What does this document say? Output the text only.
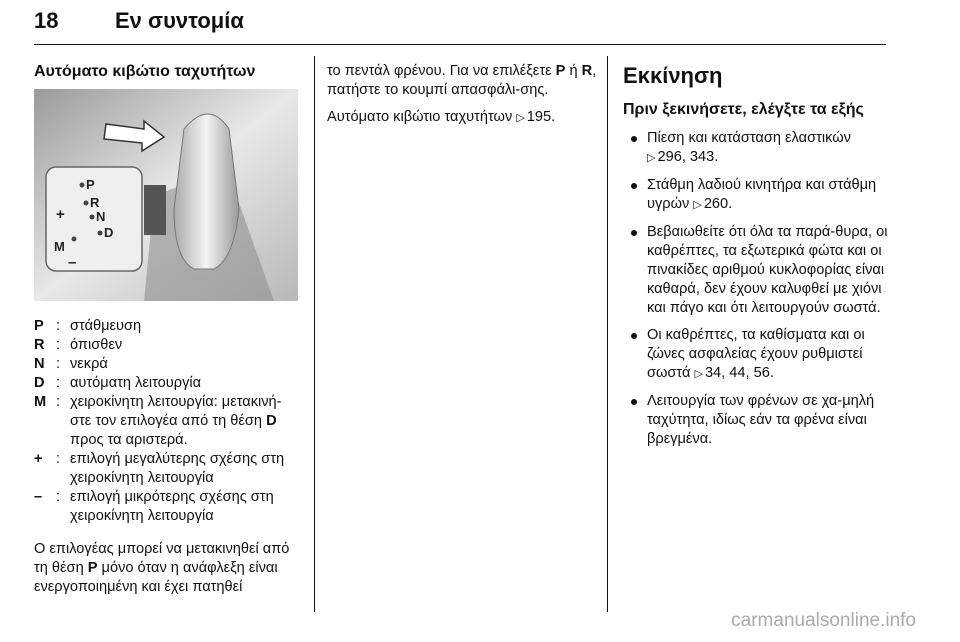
18	Εν συντομία
Αυτόματο κιβώτιο ταχυτήτων
P
R
N
D
M
+
–
P : στάθμευση
R : όπισθεν
N : νεκρά
D : αυτόματη λειτουργία
M : χειροκίνητη λειτουργία: μετακινή-στε τον επιλογέα από τη θέση D προς τα αριστερά.
+ : επιλογή μεγαλύτερης σχέσης στη χειροκίνητη λειτουργία
– : επιλογή μικρότερης σχέσης στη χειροκίνητη λειτουργία

Ο επιλογέας μπορεί να μετακινηθεί από τη θέση P μόνο όταν η ανάφλεξη είναι ενεργοποιημένη και έχει πατηθεί

το πεντάλ φρένου. Για να επιλέξετε P ή R, πατήστε το κουμπί απασφάλι-σης.

Αυτόματο κιβώτιο ταχυτήτων ▷ 195.

Εκκίνηση
Πριν ξεκινήσετε, ελέγξτε τα εξής
Πίεση και κατάσταση ελαστικών
▷ 296, 343.
Στάθμη λαδιού κινητήρα και στάθμη υγρών ▷ 260.
Βεβαιωθείτε ότι όλα τα παρά-θυρα, οι καθρέπτες, τα εξωτερικά φώτα και οι πινακίδες αριθμού κυκλοφορίας είναι καθαρά, δεν έχουν καλυφθεί με χιόνι και πάγο και ότι λειτουργούν σωστά.
Οι καθρέπτες, τα καθίσματα και οι ζώνες ασφαλείας έχουν ρυθμιστεί σωστά ▷ 34, 44, 56.
Λειτουργία των φρένων σε χα-μηλή ταχύτητα, ιδίως εάν τα φρένα είναι βρεγμένα.
carmanualsonline.info
